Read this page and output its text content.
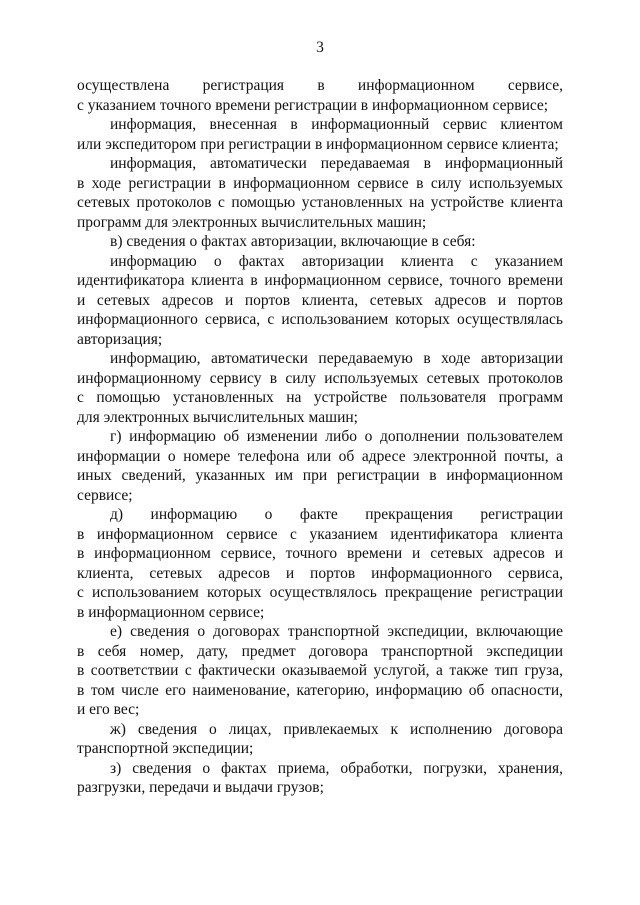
3
осуществлена регистрация в информационном сервисе,
с указанием точного времени регистрации в информационном сервисе;
информация, внесенная в информационный сервис клиентом
или экспедитором при регистрации в информационном сервисе клиента;
информация, автоматически передаваемая в информационный
в ходе регистрации в информационном сервисе в силу используемых
сетевых протоколов с помощью установленных на устройстве клиента
программ для электронных вычислительных машин;
в) сведения о фактах авторизации, включающие в себя:
информацию о фактах авторизации клиента с указанием
идентификатора клиента в информационном сервисе, точного времени
и сетевых адресов и портов клиента, сетевых адресов и портов
информационного сервиса, с использованием которых осуществлялась
авторизация;
информацию, автоматически передаваемую в ходе авторизации
информационному сервису в силу используемых сетевых протоколов
с помощью установленных на устройстве пользователя программ
для электронных вычислительных машин;
г) информацию об изменении либо о дополнении пользователем
информации о номере телефона или об адресе электронной почты, а
иных сведений, указанных им при регистрации в информационном
сервисе;
д) информацию о факте прекращения регистрации
в информационном сервисе с указанием идентификатора клиента
в информационном сервисе, точного времени и сетевых адресов и
клиента, сетевых адресов и портов информационного сервиса,
с использованием которых осуществлялось прекращение регистрации
в информационном сервисе;
е) сведения о договорах транспортной экспедиции, включающие
в себя номер, дату, предмет договора транспортной экспедиции
в соответствии с фактически оказываемой услугой, а также тип груза,
в том числе его наименование, категорию, информацию об опасности,
и его вес;
ж) сведения о лицах, привлекаемых к исполнению договора
транспортной экспедиции;
з) сведения о фактах приема, обработки, погрузки, хранения,
разгрузки, передачи и выдачи грузов;
